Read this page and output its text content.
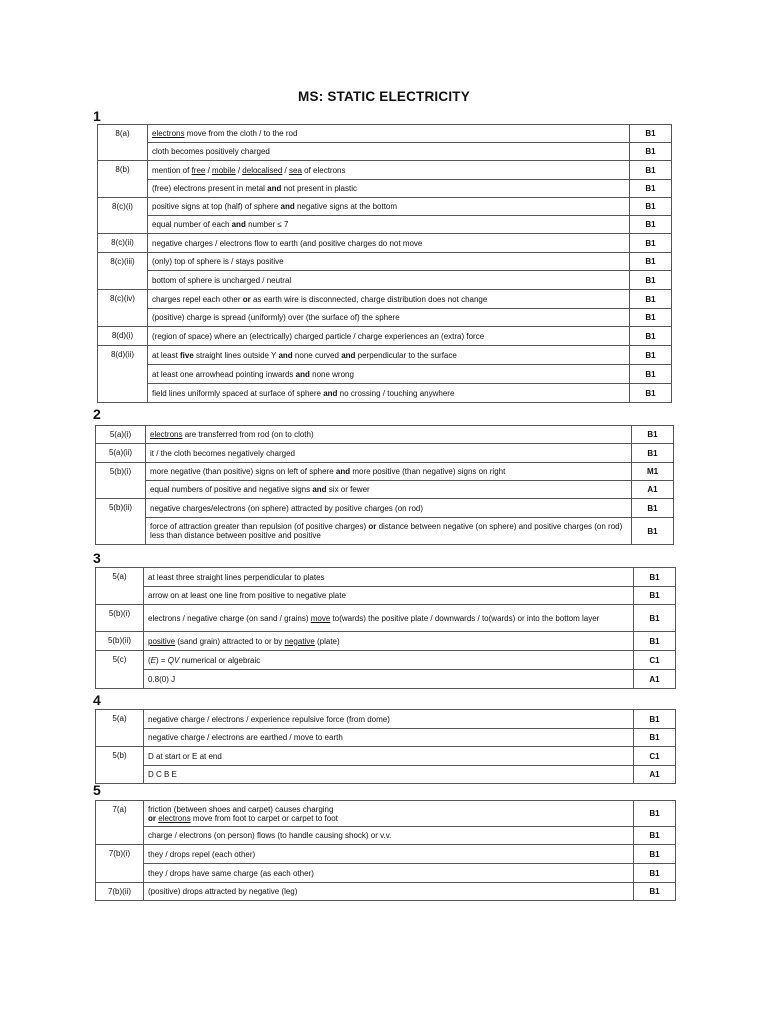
MS: STATIC ELECTRICITY
1
8(a)	electrons move from the cloth / to the rod	B1
	cloth becomes positively charged	B1
8(b)	mention of free / mobile / delocalised / sea of electrons	B1
	(free) electrons present in metal and not present in plastic	B1
8(c)(i)	positive signs at top (half) of sphere and negative signs at the bottom	B1
	equal number of each and number ≤ 7	B1
8(c)(ii)	negative charges / electrons flow to earth (and positive charges do not move	B1
8(c)(iii)	(only) top of sphere is / stays positive	B1
	bottom of sphere is uncharged / neutral	B1
8(c)(iv)	charges repel each other or as earth wire is disconnected, charge distribution does not change	B1
	(positive) charge is spread (uniformly) over (the surface of) the sphere	B1
8(d)(i)	(region of space) where an (electrically) charged particle / charge experiences an (extra) force	B1
8(d)(ii)	at least five straight lines outside Y and none curved and perpendicular to the surface	B1
	at least one arrowhead pointing inwards and none wrong	B1
	field lines uniformly spaced at surface of sphere and no crossing / touching anywhere	B1
2
5(a)(i)	electrons are transferred from rod (on to cloth)	B1
5(a)(ii)	it / the cloth becomes negatively charged	B1
5(b)(i)	more negative (than positive) signs on left of sphere and more positive (than negative) signs on right	M1
	equal numbers of positive and negative signs and six or fewer	A1
5(b)(ii)	negative charges/electrons (on sphere) attracted by positive charges (on rod)	B1
	force of attraction greater than repulsion (of positive charges) or distance between negative (on sphere) and positive charges (on rod) less than distance between positive and positive	B1
3
5(a)	at least three straight lines perpendicular to plates	B1
	arrow on at least one line from positive to negative plate	B1
5(b)(i)	electrons / negative charge (on sand / grains) move to(wards) the positive plate / downwards / to(wards) or into the bottom layer	B1
5(b)(ii)	positive (sand grain) attracted to or by negative (plate)	B1
5(c)	(E) = QV numerical or algebraic	C1
	0.8(0) J	A1
4
5(a)	negative charge / electrons / experience repulsive force (from dome)	B1
	negative charge / electrons are earthed / move to earth	B1
5(b)	D at start or E at end	C1
	D C B E	A1
5
7(a)	friction (between shoes and carpet) causes charging
or electrons move from foot to carpet or carpet to foot	B1
	charge / electrons (on person) flows (to handle causing shock) or v.v.	B1
7(b)(i)	they / drops repel (each other)	B1
	they / drops have same charge (as each other)	B1
7(b)(ii)	(positive) drops attracted by negative (leg)	B1
